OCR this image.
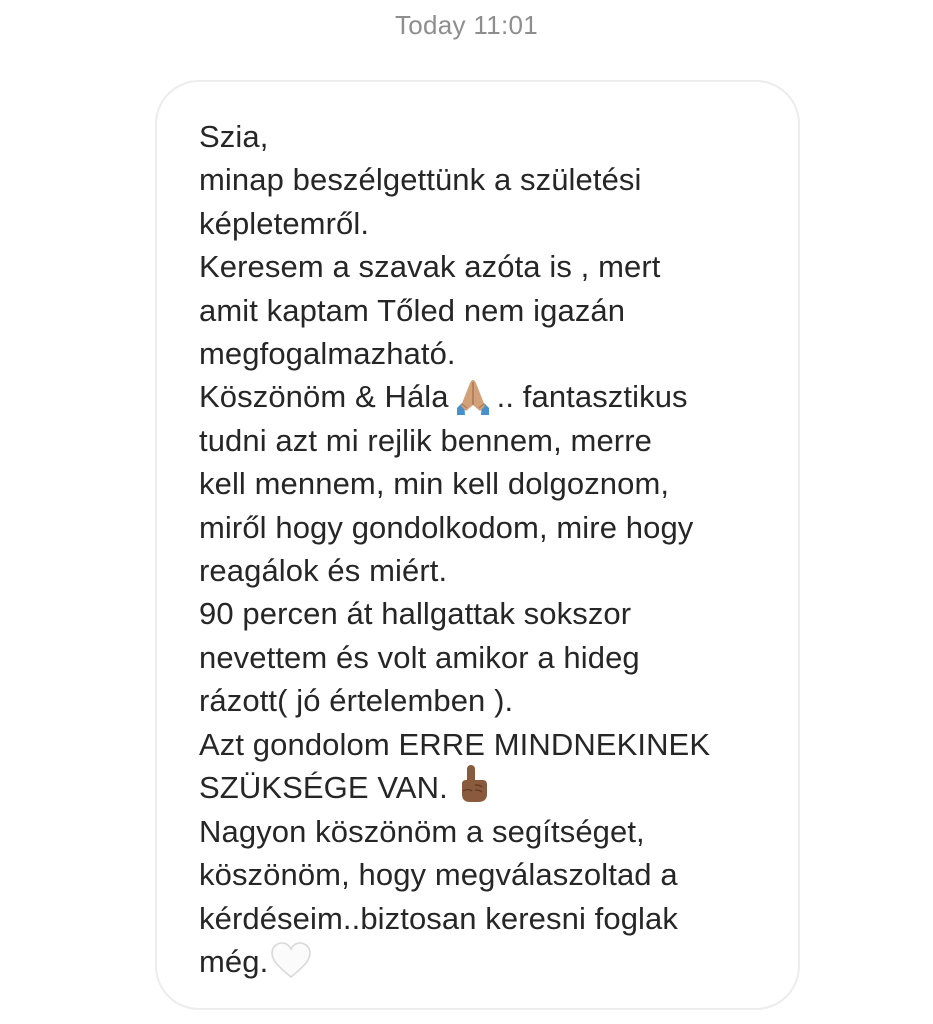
Today 11:01
Szia,
minap beszélgettünk a születési
képletemről.
Keresem a szavak azóta is , mert
amit kaptam Tőled nem igazán
megfogalmazható.
Köszönöm & Hála .. fantasztikus
tudni azt mi rejlik bennem, merre
kell mennem, min kell dolgoznom,
miről hogy gondolkodom, mire hogy
reagálok és miért.
90 percen át hallgattak sokszor
nevettem és volt amikor a hideg
rázott( jó értelemben ).
Azt gondolom ERRE MINDNEKINEK
SZÜKSÉGE VAN.
Nagyon köszönöm a segítséget,
köszönöm, hogy megválaszoltad a
kérdéseim..biztosan keresni foglak
még.
